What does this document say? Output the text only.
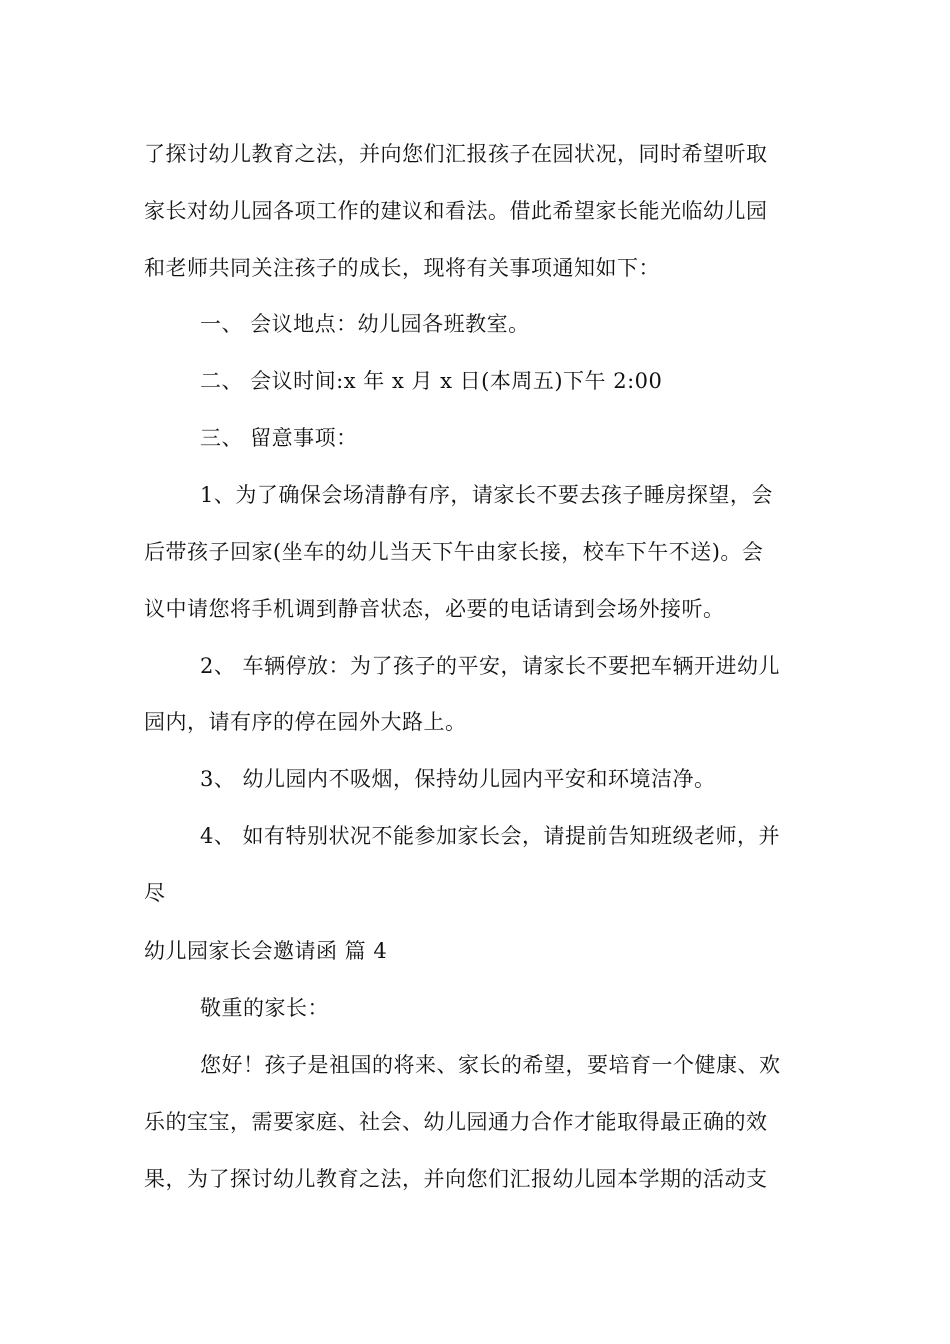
了探讨幼儿教育之法，并向您们汇报孩子在园状况，同时希望听取
家长对幼儿园各项工作的建议和看法。借此希望家长能光临幼儿园
和老师共同关注孩子的成长，现将有关事项通知如下：
一、 会议地点：幼儿园各班教室。
二、 会议时间:x 年 x 月 x 日(本周五)下午 2:00
三、 留意事项：
1、为了确保会场清静有序，请家长不要去孩子睡房探望，会
后带孩子回家(坐车的幼儿当天下午由家长接，校车下午不送)。会
议中请您将手机调到静音状态，必要的电话请到会场外接听。
2、 车辆停放：为了孩子的平安，请家长不要把车辆开进幼儿
园内，请有序的停在园外大路上。
3、 幼儿园内不吸烟，保持幼儿园内平安和环境洁净。
4、 如有特别状况不能参加家长会，请提前告知班级老师，并
尽
幼儿园家长会邀请函 篇 4
敬重的家长：
您好！孩子是祖国的将来、家长的希望，要培育一个健康、欢
乐的宝宝，需要家庭、社会、幼儿园通力合作才能取得最正确的效
果，为了探讨幼儿教育之法，并向您们汇报幼儿园本学期的活动支
